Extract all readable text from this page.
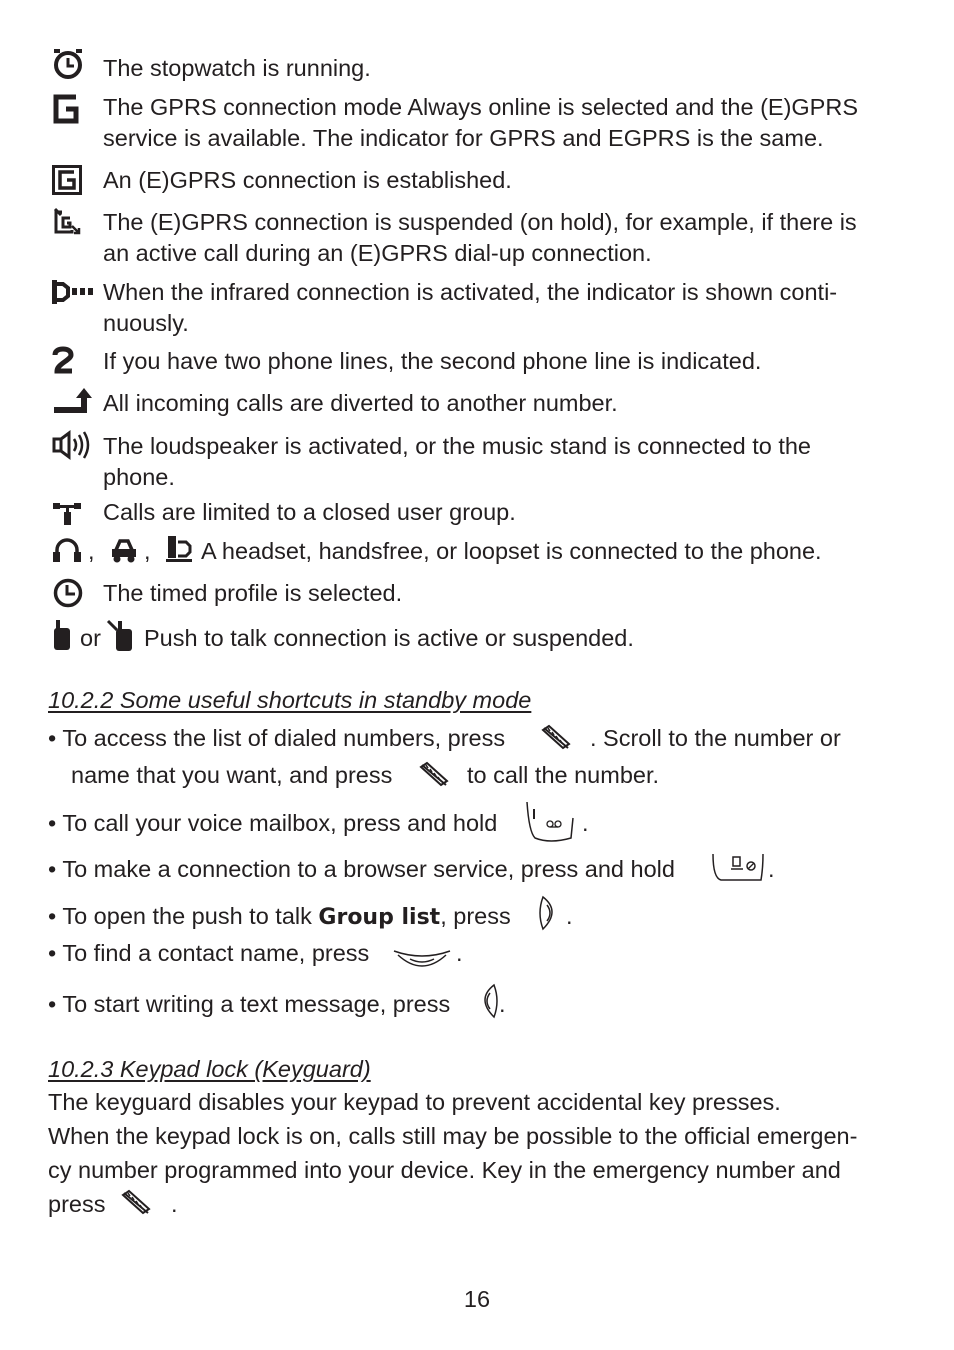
The stopwatch is running.
The GPRS connection mode Always online is selected and the (E)GPRS
service is available. The indicator for GPRS and EGPRS is the same.
An (E)GPRS connection is established.
The (E)GPRS connection is suspended (on hold), for example, if there is
an active call during an (E)GPRS dial-up connection.
When the infrared connection is activated, the indicator is shown conti-
nuously.
If you have two phone lines, the second phone line is indicated.
All incoming calls are diverted to another number.
The loudspeaker is activated, or the music stand is connected to the
phone.
Calls are limited to a closed user group.
, , A headset, handsfree, or loopset is connected to the phone.
The timed profile is selected.
or Push to talk connection is active or suspended.
10.2.2 Some useful shortcuts in standby mode
• To access the list of dialed numbers, press	. Scroll to the number or
name that you want, and press	to call the number.
• To call your voice mailbox, press and hold	.
• To make a connection to a browser service, press and hold	.
• To open the push to talk Group list, press .
• To find a contact name, press	.
• To start writing a text message, press .
10.2.3 Keypad lock (Keyguard)
The keyguard disables your keypad to prevent accidental key presses.
When the keypad lock is on, calls still may be possible to the official emergen-
cy number programmed into your device. Key in the emergency number and
press	.
16
